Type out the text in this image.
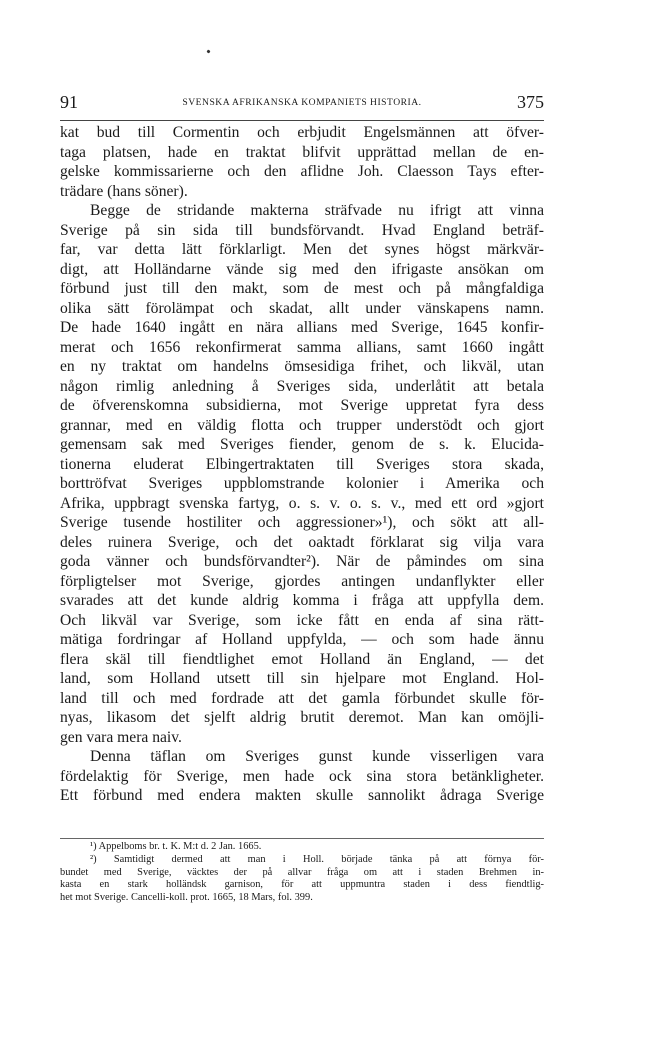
91	SVENSKA AFRIKANSKA KOMPANIETS HISTORIA.	375
kat bud till Cormentin och erbjudit Engelsmännen att öfver-
taga platsen, hade en traktat blifvit upprättad mellan de en-
gelske kommissarierne och den aflidne Joh. Claesson Tays efter-
trädare (hans söner).
Begge de stridande makterna sträfvade nu ifrigt att vinna
Sverige på sin sida till bundsförvandt. Hvad England beträf-
far, var detta lätt förklarligt. Men det synes högst märkvär-
digt, att Holländarne vände sig med den ifrigaste ansökan om
förbund just till den makt, som de mest och på mångfaldiga
olika sätt förolämpat och skadat, allt under vänskapens namn.
De hade 1640 ingått en nära allians med Sverige, 1645 konfir-
merat och 1656 rekonfirmerat samma allians, samt 1660 ingått
en ny traktat om handelns ömsesidiga frihet, och likväl, utan
någon rimlig anledning å Sveriges sida, underlåtit att betala
de öfverenskomna subsidierna, mot Sverige uppretat fyra dess
grannar, med en väldig flotta och trupper understödt och gjort
gemensam sak med Sveriges fiender, genom de s. k. Elucida-
tionerna eluderat Elbingertraktaten till Sveriges stora skada,
borttröfvat Sveriges uppblomstrande kolonier i Amerika och
Afrika, uppbragt svenska fartyg, o. s. v. o. s. v., med ett ord »gjort
Sverige tusende hostiliter och aggressioner»¹), och sökt att all-
deles ruinera Sverige, och det oaktadt förklarat sig vilja vara
goda vänner och bundsförvandter²). När de påmindes om sina
förpligtelser mot Sverige, gjordes antingen undanflykter eller
svarades att det kunde aldrig komma i fråga att uppfylla dem.
Och likväl var Sverige, som icke fått en enda af sina rätt-
mätiga fordringar af Holland uppfylda, — och som hade ännu
flera skäl till fiendtlighet emot Holland än England, — det
land, som Holland utsett till sin hjelpare mot England. Hol-
land till och med fordrade att det gamla förbundet skulle för-
nyas, likasom det sjelft aldrig brutit deremot. Man kan omöjli-
gen vara mera naiv.
Denna täflan om Sveriges gunst kunde visserligen vara
fördelaktig för Sverige, men hade ock sina stora betänkligheter.
Ett förbund med endera makten skulle sannolikt ådraga Sverige
¹) Appelboms br. t. K. M:t d. 2 Jan. 1665.
²) Samtidigt dermed att man i Holl. började tänka på att förnya för-
bundet med Sverige, väcktes der på allvar fråga om att i staden Brehmen in-
kasta en stark holländsk garnison, för att uppmuntra staden i dess fiendtlig-
het mot Sverige. Cancelli-koll. prot. 1665, 18 Mars, fol. 399.
